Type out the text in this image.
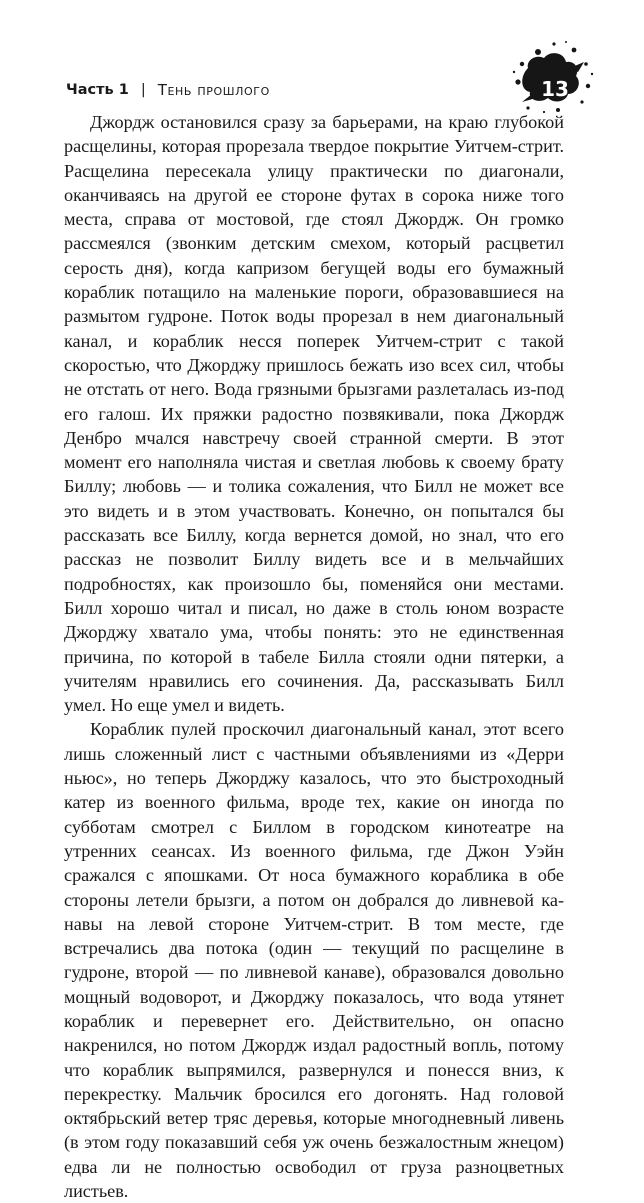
Часть 1 | Тень прошлого	13

Джордж остановился сразу за барьерами, на краю глубокой расщелины, которая прорезала твердое покрытие Уитчем-стрит. Расщелина пересекала улицу практически по диагонали, оканчиваясь на другой ее стороне футах в сорока ниже того места, справа от мостовой, где стоял Джордж. Он громко рассмеялся (звонким детским смехом, который расцветил серость дня), когда капризом бегущей воды его бумажный кораблик потащило на маленькие пороги, образовавшиеся на размытом гудроне. Поток воды прорезал в нем диагональный канал, и кораблик несся поперек Уитчем-стрит с такой скоростью, что Джорджу пришлось бежать изо всех сил, чтобы не отстать от него. Вода грязными брызгами разлеталась из-под его галош. Их пряжки радостно позвякивали, пока Джордж Денбро мчался навстречу своей странной смерти. В этот момент его наполняла чистая и светлая любовь к своему брату Биллу; любовь — и толика сожаления, что Билл не может все это видеть и в этом участвовать. Конечно, он попытался бы рассказать все Биллу, когда вернется домой, но знал, что его рассказ не позволит Биллу видеть все и в мельчайших подробностях, как произошло бы, поменяйся они местами. Билл хорошо читал и писал, но даже в столь юном возрасте Джорджу хватало ума, чтобы понять: это не единственная причина, по которой в табеле Билла стояли одни пятерки, а учителям нравились его сочинения. Да, рассказывать Билл умел. Но еще умел и видеть.

Кораблик пулей проскочил диагональный канал, этот всего лишь сложенный лист с частными объявлениями из «Дерри ньюс», но теперь Джорджу казалось, что это быстроходный катер из военного фильма, вроде тех, какие он иногда по субботам смотрел с Биллом в городском кинотеатре на утренних сеансах. Из военного фильма, где Джон Уэйн сражался с япошками. От носа бумажного кораблика в обе стороны летели брызги, а потом он добрался до ливневой канавы на левой стороне Уитчем-стрит. В том месте, где встречались два потока (один — текущий по расщелине в гудроне, второй — по ливневой канаве), образовался довольно мощный водоворот, и Джорджу показалось, что вода утянет кораблик и перевернет его. Действительно, он опасно накренился, но потом Джордж издал радостный вопль, потому что кораблик выпрямился, развернулся и понесся вниз, к перекрестку. Мальчик бросился его догонять. Над головой октябрьский ветер тряс деревья, которые многодневный ливень (в этом году показавший себя уж очень безжалостным жнецом) едва ли не полностью освободил от груза разноцветных листьев.
